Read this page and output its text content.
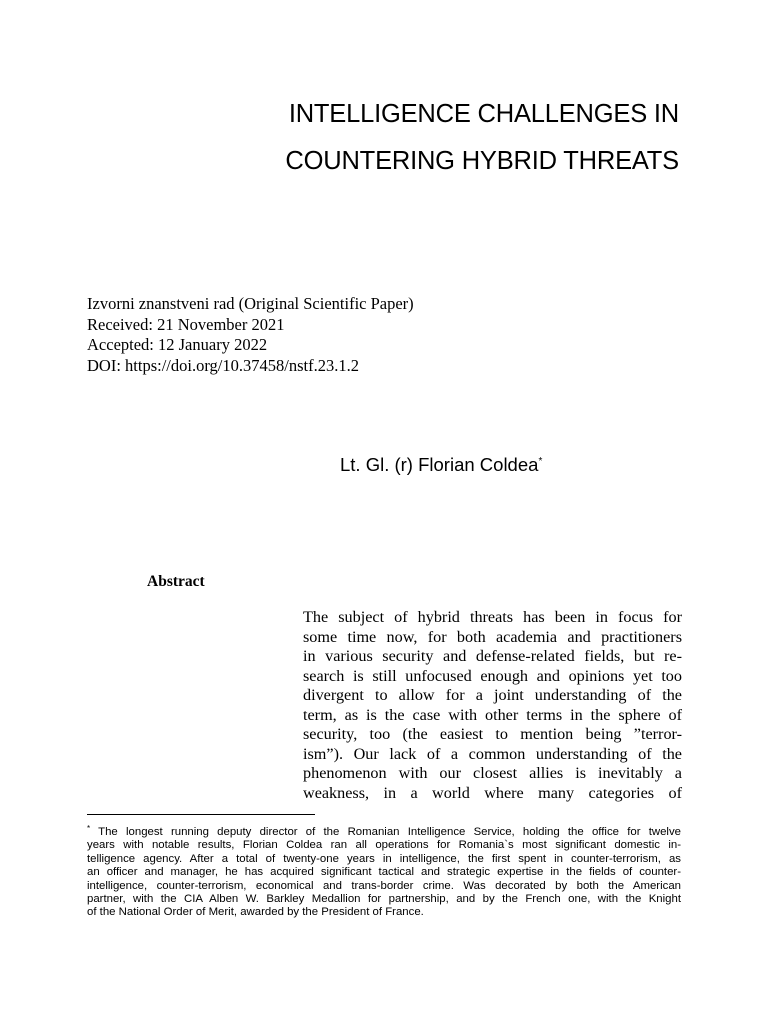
INTELLIGENCE CHALLENGES IN
COUNTERING HYBRID THREATS
Izvorni znanstveni rad (Original Scientific Paper)
Received: 21 November 2021
Accepted: 12 January 2022
DOI: https://doi.org/10.37458/nstf.23.1.2
Lt. Gl. (r) Florian Coldea*
Abstract
The subject of hybrid threats has been in focus for
some time now, for both academia and practitioners
in various security and defense-related fields, but re-
search is still unfocused enough and opinions yet too
divergent to allow for a joint understanding of the
term, as is the case with other terms in the sphere of
security, too (the easiest to mention being ”terror-
ism”). Our lack of a common understanding of the
phenomenon with our closest allies is inevitably a
weakness, in a world where many categories of
* The longest running deputy director of the Romanian Intelligence Service, holding the office for twelve
years with notable results, Florian Coldea ran all operations for Romania`s most significant domestic in-
telligence agency. After a total of twenty-one years in intelligence, the first spent in counter-terrorism, as
an officer and manager, he has acquired significant tactical and strategic expertise in the fields of counter-
intelligence, counter-terrorism, economical and trans-border crime. Was decorated by both the American
partner, with the CIA Alben W. Barkley Medallion for partnership, and by the French one, with the Knight
of the National Order of Merit, awarded by the President of France.
